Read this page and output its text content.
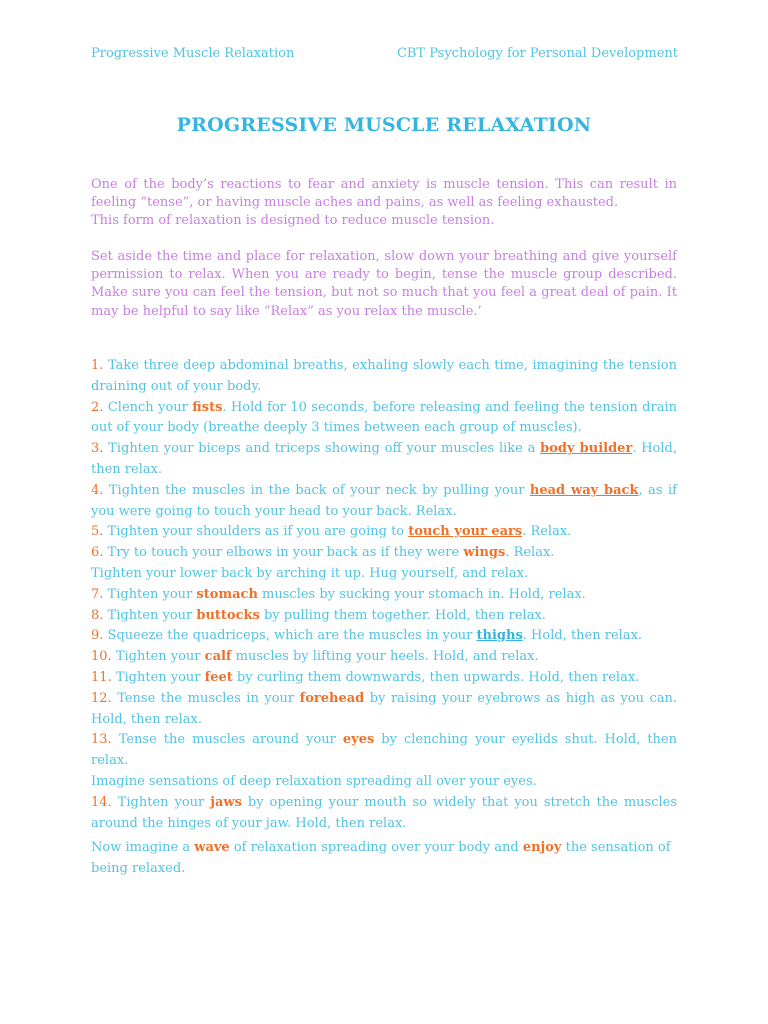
Progressive Muscle Relaxation	CBT Psychology for Personal Development
PROGRESSIVE MUSCLE RELAXATION

One of the body’s reactions to fear and anxiety is muscle tension. This can result in feeling “tense”, or having muscle aches and pains, as well as feeling exhausted.
This form of relaxation is designed to reduce muscle tension.

Set aside the time and place for relaxation, slow down your breathing and give yourself permission to relax. When you are ready to begin, tense the muscle group described. Make sure you can feel the tension, but not so much that you feel a great deal of pain. It may be helpful to say like “Relax” as you relax the muscle.’

1. Take three deep abdominal breaths, exhaling slowly each time, imagining the tension draining out of your body.

2. Clench your fists. Hold for 10 seconds, before releasing and feeling the tension drain out of your body (breathe deeply 3 times between each group of muscles).

3. Tighten your biceps and triceps showing off your muscles like a body builder. Hold, then relax.

4. Tighten the muscles in the back of your neck by pulling your head way back, as if you were going to touch your head to your back. Relax.

5. Tighten your shoulders as if you are going to touch your ears. Relax.

6. Try to touch your elbows in your back as if they were wings. Relax.

Tighten your lower back by arching it up. Hug yourself, and relax.

7. Tighten your stomach muscles by sucking your stomach in. Hold, relax.

8. Tighten your buttocks by pulling them together. Hold, then relax.

9. Squeeze the quadriceps, which are the muscles in your thighs. Hold, then relax.

10. Tighten your calf muscles by lifting your heels. Hold, and relax.

11. Tighten your feet by curling them downwards, then upwards. Hold, then relax.

12. Tense the muscles in your forehead by raising your eyebrows as high as you can. Hold, then relax.

13. Tense the muscles around your eyes by clenching your eyelids shut. Hold, then relax.

Imagine sensations of deep relaxation spreading all over your eyes.

14. Tighten your jaws by opening your mouth so widely that you stretch the muscles around the hinges of your jaw. Hold, then relax.

Now imagine a wave of relaxation spreading over your body and enjoy the sensation of being relaxed.
